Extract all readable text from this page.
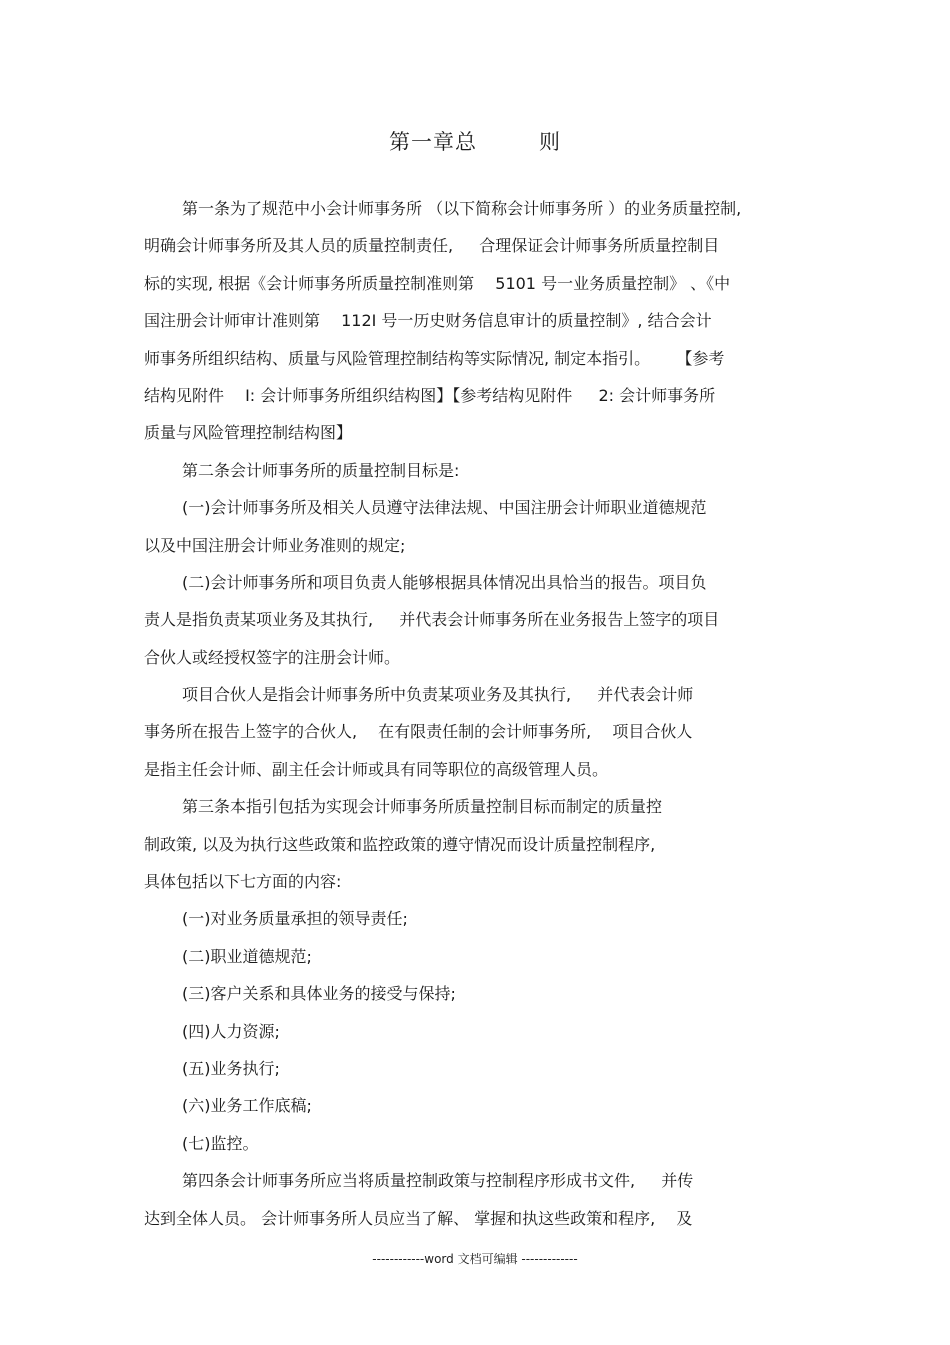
第一章总	则
第一条为了规范中小会计师事务所 （以下简称会计师事务所 ）的业务质量控制,
明确会计师事务所及其人员的质量控制责任, 　 合理保证会计师事务所质量控制目
标的实现, 根据《会计师事务所质量控制准则第 　5101 号一业务质量控制》 、《中
国注册会计师审计准则第 　112I 号一历史财务信息审计的质量控制》, 结合会计
师事务所组织结构、质量与风险管理控制结构等实际情况, 制定本指引。 　 【参考
结构见附件 　I: 会计师事务所组织结构图】【参考结构见附件 　 2: 会计师事务所
质量与风险管理控制结构图】
第二条会计师事务所的质量控制目标是:
(一)会计师事务所及相关人员遵守法律法规、中国注册会计师职业道德规范
以及中国注册会计师业务准则的规定;
(二)会计师事务所和项目负责人能够根据具体情况出具恰当的报告。项目负
责人是指负责某项业务及其执行, 　 并代表会计师事务所在业务报告上签字的项目
合伙人或经授权签字的注册会计师。
项目合伙人是指会计师事务所中负责某项业务及其执行, 　 并代表会计师
事务所在报告上签字的合伙人, 　在有限责任制的会计师事务所, 　项目合伙人
是指主任会计师、副主任会计师或具有同等职位的高级管理人员。
第三条本指引包括为实现会计师事务所质量控制目标而制定的质量控
制政策, 以及为执行这些政策和监控政策的遵守情况而设计质量控制程序,
具体包括以下七方面的内容:
(一)对业务质量承担的领导责任;
(二)职业道德规范;
(三)客户关系和具体业务的接受与保持;
(四)人力资源;
(五)业务执行;
(六)业务工作底稿;
(七)监控。
第四条会计师事务所应当将质量控制政策与控制程序形成书文件, 　 并传
达到全体人员。 会计师事务所人员应当了解、 掌握和执这些政策和程序, 　及
------------word 文档可编辑 -------------
